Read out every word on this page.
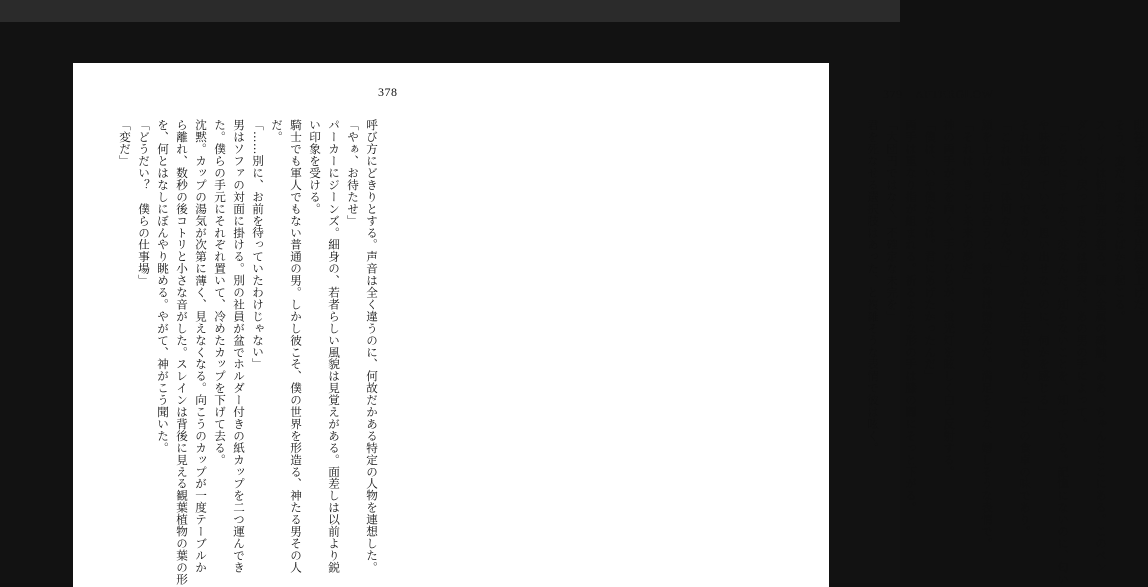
379　AFTERGLOW
即答する。男は無言で片眉を上げた。
そう、変だ。変なことばかり起こる。
スレインは俯き胸元を握る。硬い金属の感触。ああ、ちゃんとここにある。このペン
ダントが、戻ってきたのは現実だ。あの男の手によって。
「こちらにきてから、変なんだ。知らないことを、知っている。記憶にないのに、匂い
や味を知っている。思い出せないのに、何かを感じる」
それは雨の匂いであり、ありふれた生活音であり、ニホンの食卓の味であり。
「これは、一体何なんだ？」
顔を上げる。目が合うと、彼の神は微笑んだ。満足そうな、嬉しそうな表情で。
「それは、きっと未来の夢だ」
神の両手が天を向く。手のひらが、蛍光灯を眩しく白く反射する。
「僕は、いや僕たちは。君にあげたかったんだ」
両手は重なり指が組まれる。祈るような形の手は膝の間にそっと下がる。
「大団円ではなく、不確定な未完を」
君を死なせる選択肢はあった、と複雑そうな表情で彼は呟く。
378
呼び方にどきりとする。声音は全く違うのに、何故だかある特定の人物を連想した。
「やぁ、お待たせ」
パーカーにジーンズ。細身の、若者らしい風貌は見覚えがある。面差しは以前より鋭
い印象を受ける。
騎士でも軍人でもない普通の男。しかし彼こそ、僕の世界を形造る、神たる男その人
だ。
「……別に、お前を待っていたわけじゃない」
男はソファの対面に掛ける。別の社員が盆でホルダー付きの紙カップを二つ運んでき
た。僕らの手元にそれぞれ置いて、冷めたカップを下げて去る。
沈黙。カップの湯気が次第に薄く、見えなくなる。向こうのカップが一度テーブルか
ら離れ、数秒の後コトリと小さな音がした。スレインは背後に見える観葉植物の葉の形
を、何とはなしにぼんやり眺める。やがて、神がこう聞いた。
「どうだい？　僕らの仕事場」
「変だ」
